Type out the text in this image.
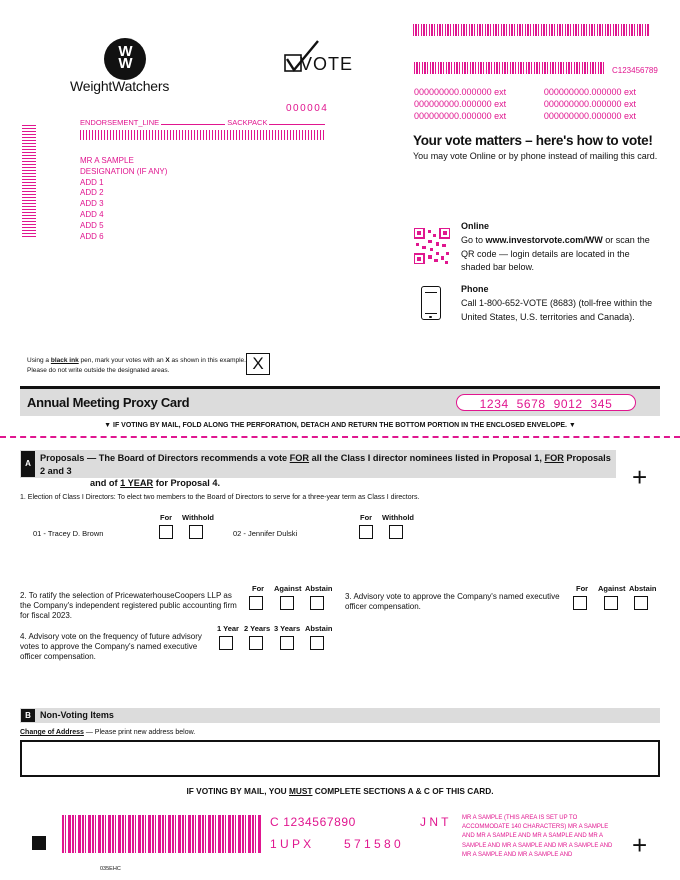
WW
WeightWatchers
VOTE	C123456789
000000000.000000 ext	000000000.000000 ext
000000000.000000 ext	000000000.000000 ext
000000000.000000 ext	000000000.000000 ext
Your vote matters – here's how to vote!
You may vote Online or by phone instead of mailing this card.
000004
ENDORSEMENT_LINE	SACKPACK
MR A SAMPLE
DESIGNATION (IF ANY)
ADD 1
ADD 2
ADD 3
ADD 4
ADD 5
ADD 6
Online
Go to www.investorvote.com/WW or scan the QR code — login details are located in the shaded bar below.
Phone
Call 1-800-652-VOTE (8683) (toll-free within the United States, U.S. territories and Canada).
Using a black ink pen, mark your votes with an X as shown in this example.
Please do not write outside the designated areas.	X
Annual Meeting Proxy Card	1234  5678  9012  345
▼ IF VOTING BY MAIL, FOLD ALONG THE PERFORATION, DETACH AND RETURN THE BOTTOM PORTION IN THE ENCLOSED ENVELOPE. ▼
A
Proposals — The Board of Directors recommends a vote FOR all the Class I director nominees listed in Proposal 1, FOR Proposals 2 and 3
and of 1 YEAR for Proposal 4.	+
1. Election of Class I Directors: To elect two members to the Board of Directors to serve for a three-year term as Class I directors.
For Withhold	For Withhold
01 - Tracey D. Brown	02 - Jennifer Dulski
2. To ratify the selection of PricewaterhouseCoopers LLP as the Company's independent registered public accounting firm for fiscal 2023.
For Against Abstain
3. Advisory vote to approve the Company's named executive officer compensation.
For Against Abstain
4. Advisory vote on the frequency of future advisory votes to approve the Company's named executive officer compensation.
1 Year 2 Years 3 Years Abstain
B	Non-Voting Items
Change of Address — Please print new address below.
IF VOTING BY MAIL, YOU MUST COMPLETE SECTIONS A & C OF THIS CARD.
C 1234567890	J N T
1 U P X	5 7 1 5 8 0
MR A SAMPLE (THIS AREA IS SET UP TO ACCOMMODATE 140 CHARACTERS) MR A SAMPLE AND MR A SAMPLE AND MR A SAMPLE AND MR A SAMPLE AND MR A SAMPLE AND MR A SAMPLE AND MR A SAMPLE AND MR A SAMPLE AND	+
035EHC
